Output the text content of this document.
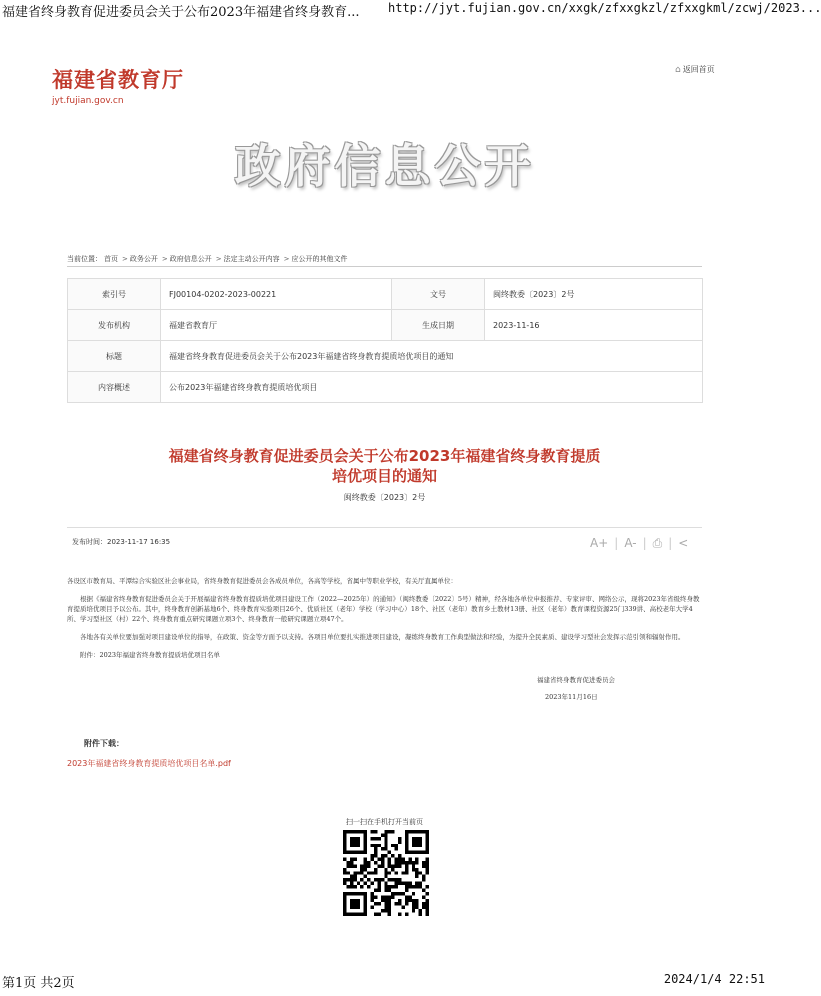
福建省终身教育促进委员会关于公布2023年福建省终身教育... http://jyt.fujian.gov.cn/xxgk/zfxxgkzl/zfxxgkml/zcwj/2023...
福建省教育厅
jyt.fujian.gov.cn
⌂ 返回首页
政府信息公开
当前位置： 首页 > 政务公开 > 政府信息公开 > 法定主动公开内容 > 应公开的其他文件
索引号	FJ00104-0202-2023-00221	文号	闽终教委〔2023〕2号
发布机构	福建省教育厅	生成日期	2023-11-16
标题	福建省终身教育促进委员会关于公布2023年福建省终身教育提质培优项目的通知		
内容概述	公布2023年福建省终身教育提质培优项目		
福建省终身教育促进委员会关于公布2023年福建省终身教育提质
培优项目的通知
闽终教委〔2023〕2号
发布时间：2023-11-17 16:35	A+ | A- | ⎙ | <

各设区市教育局、平潭综合实验区社会事业局，省终身教育促进委员会各成员单位，各高等学校，省属中等职业学校，有关厅直属单位：

根据《福建省终身教育促进委员会关于开展福建省终身教育提质培优项目建设工作（2022—2025年）的通知》（闽终教委〔2022〕5号）精神，经各地各单位申报推荐、专家评审、网络公示，现将2023年省级终身教育提质培优项目予以公布。其中，终身教育创新基地6个、终身教育实验项目26个、优质社区（老年）学校（学习中心）18个、社区（老年）教育乡土教材13册、社区（老年）教育课程资源25门339讲、高校老年大学4所、学习型社区（村）22个、终身教育重点研究课题立项3个、终身教育一般研究课题立项47个。

各地各有关单位要加强对项目建设单位的指导，在政策、资金等方面予以支持。各项目单位要扎实推进项目建设，凝练终身教育工作典型做法和经验，为提升全民素质、建设学习型社会发挥示范引领和辐射作用。

附件：2023年福建省终身教育提质培优项目名单

福建省终身教育促进委员会
2023年11月16日
附件下载：
2023年福建省终身教育提质培优项目名单.pdf
扫一扫在手机打开当前页
第1页 共2页	2024/1/4 22:51
